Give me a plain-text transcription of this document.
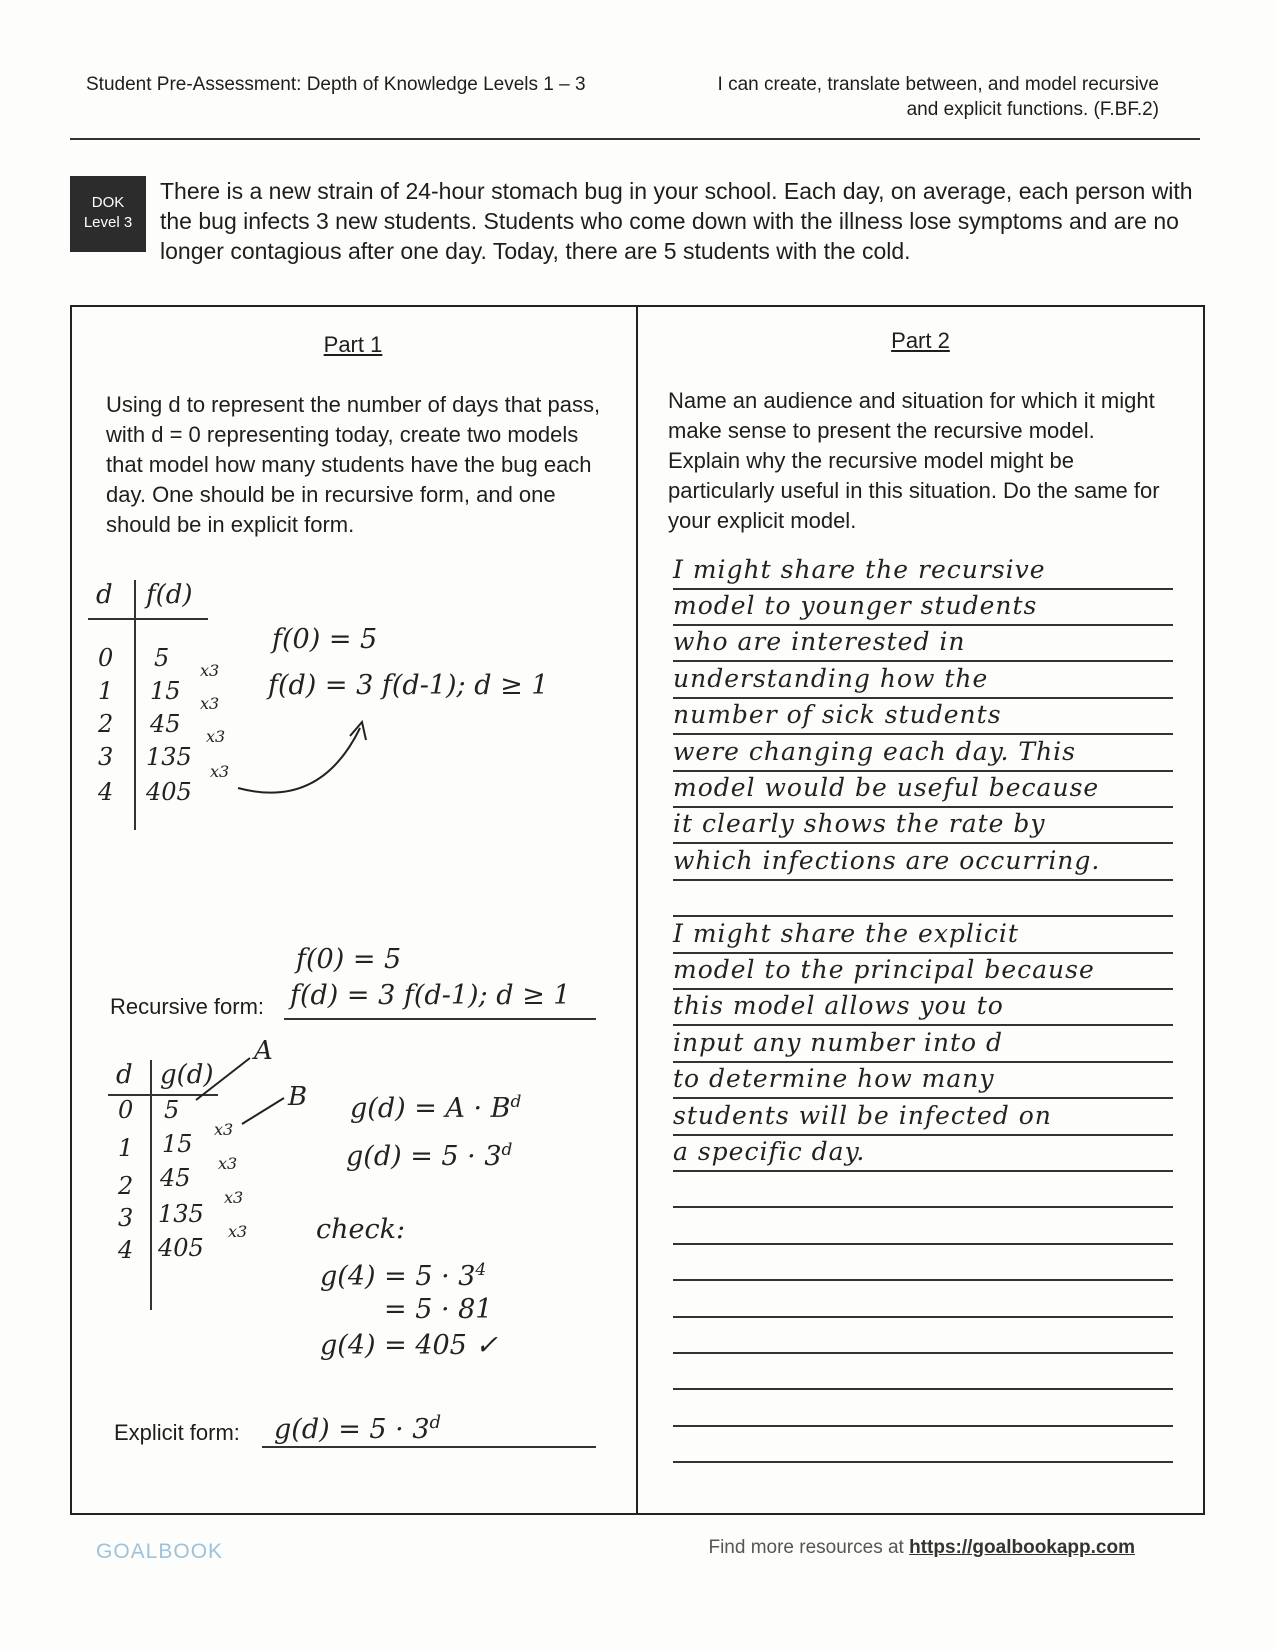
Student Pre-Assessment: Depth of Knowledge Levels 1 – 3	I can create, translate between, and model recursive
and explicit functions. (F.BF.2)
DOK
Level 3
There is a new strain of 24-hour stomach bug in your school. Each day, on average, each person with the bug infects 3 new students. Students who come down with the illness lose symptoms and are no longer contagious after one day. Today, there are 5 students with the cold.
Part 1
Using d to represent the number of days that pass, with d = 0 representing today, create two models that model how many students have the bug each day. One should be in recursive form, and one should be in explicit form.
d f(d)
0
1
2
3
4
5
15
45
135
405
x3
x3
x3
x3
f(0) = 5
f(d) = 3 f(d-1); d ≥ 1
f(0) = 5
Recursive form: f(d) = 3 f(d-1); d ≥ 1
d g(d)
A
B
0
1
2
3
4
5
15
45
135
405
x3
x3
x3
x3
$g(d) = A \cdot B^d$
$g(d) = 5 \cdot 3^d$
check:
$g(4) = 5 \cdot 3^4$
= 5 · 81
g(4) = 405 ✓
Explicit form: $g(d) = 5 \cdot 3^d$
Part 2
Name an audience and situation for which it might make sense to present the recursive model. Explain why the recursive model might be particularly useful in this situation. Do the same for your explicit model.
I might share the recursive
model to younger students
who are interested in
understanding how the
number of sick students
were changing each day. This
model would be useful because
it clearly shows the rate by
which infections are occurring.
I might share the explicit
model to the principal because
this model allows you to
input any number into d
to determine how many
students will be infected on
a specific day.
GOALBOOK	Find more resources at https://goalbookapp.com
